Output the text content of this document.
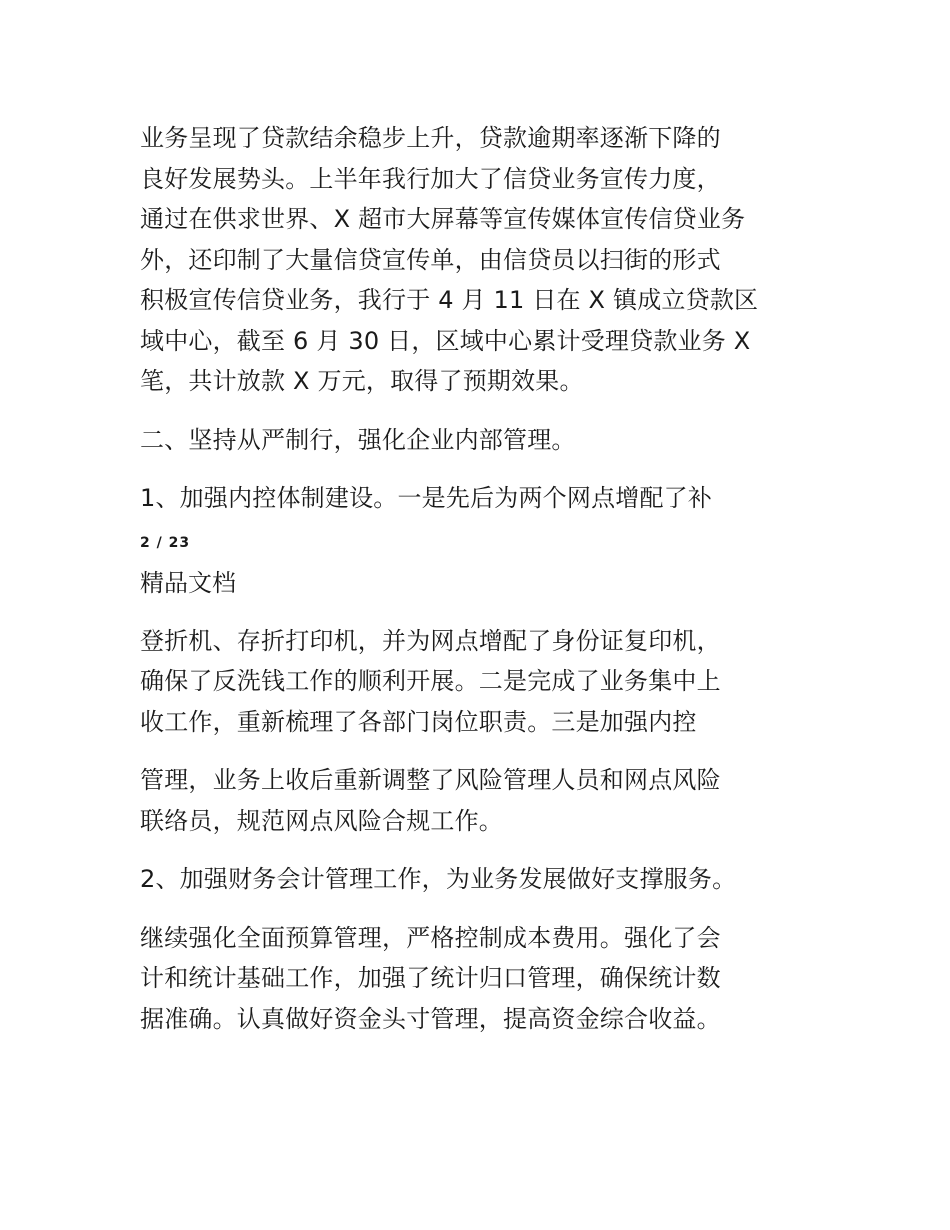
业务呈现了贷款结余稳步上升，贷款逾期率逐渐下降的
良好发展势头。上半年我行加大了信贷业务宣传力度，
通过在供求世界、X 超市大屏幕等宣传媒体宣传信贷业务
外，还印制了大量信贷宣传单，由信贷员以扫街的形式
积极宣传信贷业务，我行于 4 月 11 日在 X 镇成立贷款区
域中心，截至 6 月 30 日，区域中心累计受理贷款业务 X
笔，共计放款 X 万元，取得了预期效果。

二、坚持从严制行，强化企业内部管理。

1、加强内控体制建设。一是先后为两个网点增配了补

2 / 23
精品文档

登折机、存折打印机，并为网点增配了身份证复印机，
确保了反洗钱工作的顺利开展。二是完成了业务集中上
收工作，重新梳理了各部门岗位职责。三是加强内控

管理，业务上收后重新调整了风险管理人员和网点风险
联络员，规范网点风险合规工作。

2、加强财务会计管理工作，为业务发展做好支撑服务。

继续强化全面预算管理，严格控制成本费用。强化了会
计和统计基础工作，加强了统计归口管理，确保统计数
据准确。认真做好资金头寸管理，提高资金综合收益。
